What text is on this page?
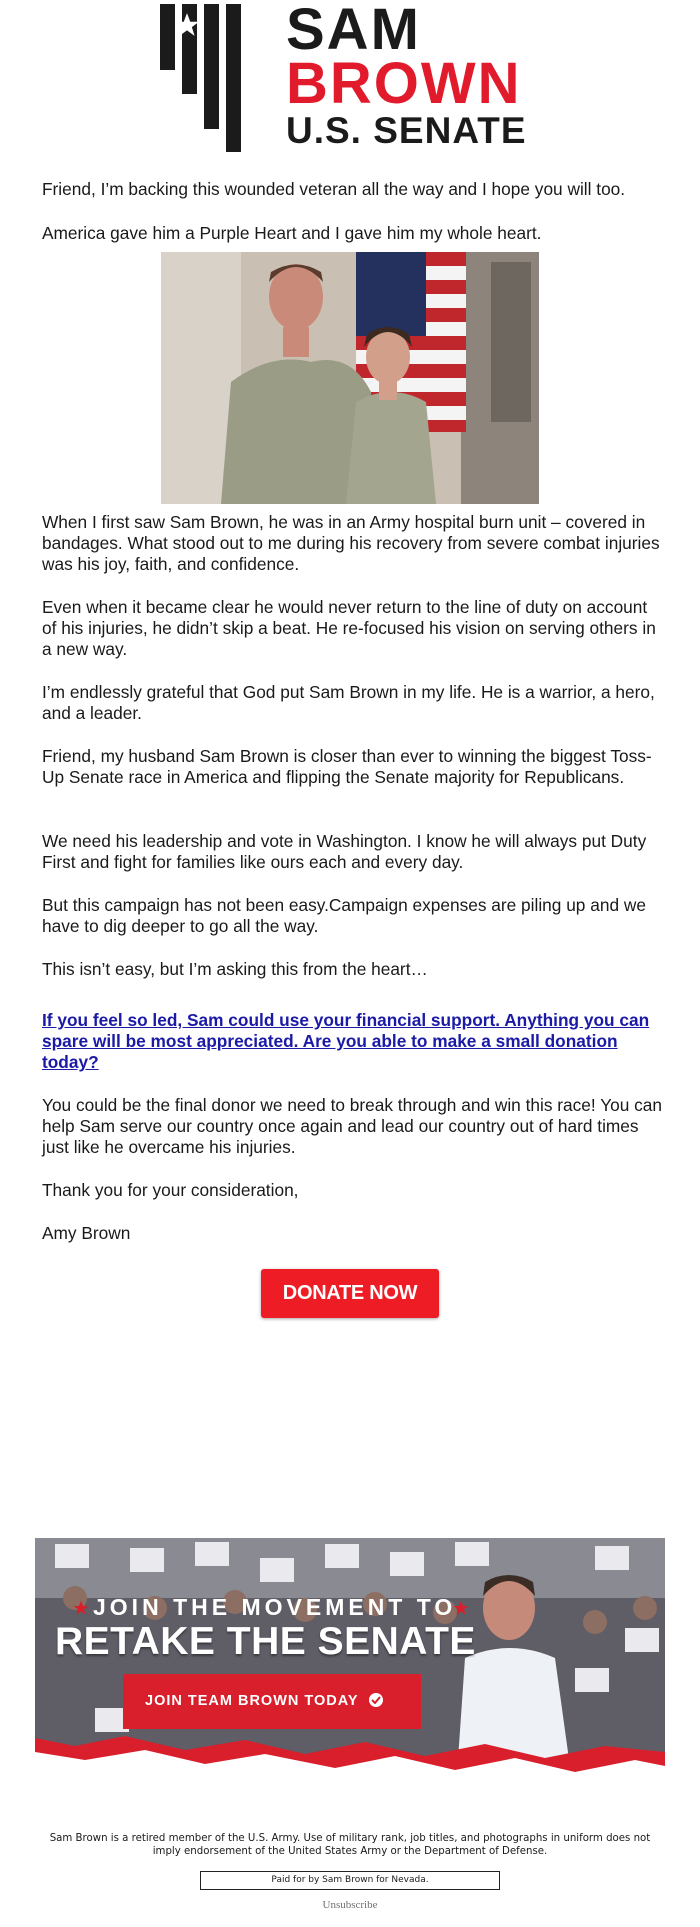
SAM
BROWN
U.S. SENATE

Friend, I’m backing this wounded veteran all the way and I hope you will too.

America gave him a Purple Heart and I gave him my whole heart.

When I first saw Sam Brown, he was in an Army hospital burn unit – covered in bandages. What stood out to me during his recovery from severe combat injuries was his joy, faith, and confidence.

Even when it became clear he would never return to the line of duty on account of his injuries, he didn’t skip a beat. He re-focused his vision on serving others in a new way.

I’m endlessly grateful that God put Sam Brown in my life. He is a warrior, a hero, and a leader.

Friend, my husband Sam Brown is closer than ever to winning the biggest Toss-Up Senate race in America and flipping the Senate majority for Republicans.

We need his leadership and vote in Washington. I know he will always put Duty First and fight for families like ours each and every day.

But this campaign has not been easy.Campaign expenses are piling up and we have to dig deeper to go all the way.

This isn’t easy, but I’m asking this from the heart…

If you feel so led, Sam could use your financial support. Anything you can spare will be most appreciated. Are you able to make a small donation today?

You could be the final donor we need to break through and win this race! You can help Sam serve our country once again and lead our country out of hard times just like he overcame his injuries.

Thank you for your consideration,

Amy Brown

DONATE NOW
JOIN THE MOVEMENT TO
RETAKE THE SENATE
JOIN TEAM BROWN TODAY

Sam Brown is a retired member of the U.S. Army. Use of military rank, job titles, and photographs in uniform does not imply endorsement of the United States Army or the Department of Defense.

Paid for by Sam Brown for Nevada.
Unsubscribe
